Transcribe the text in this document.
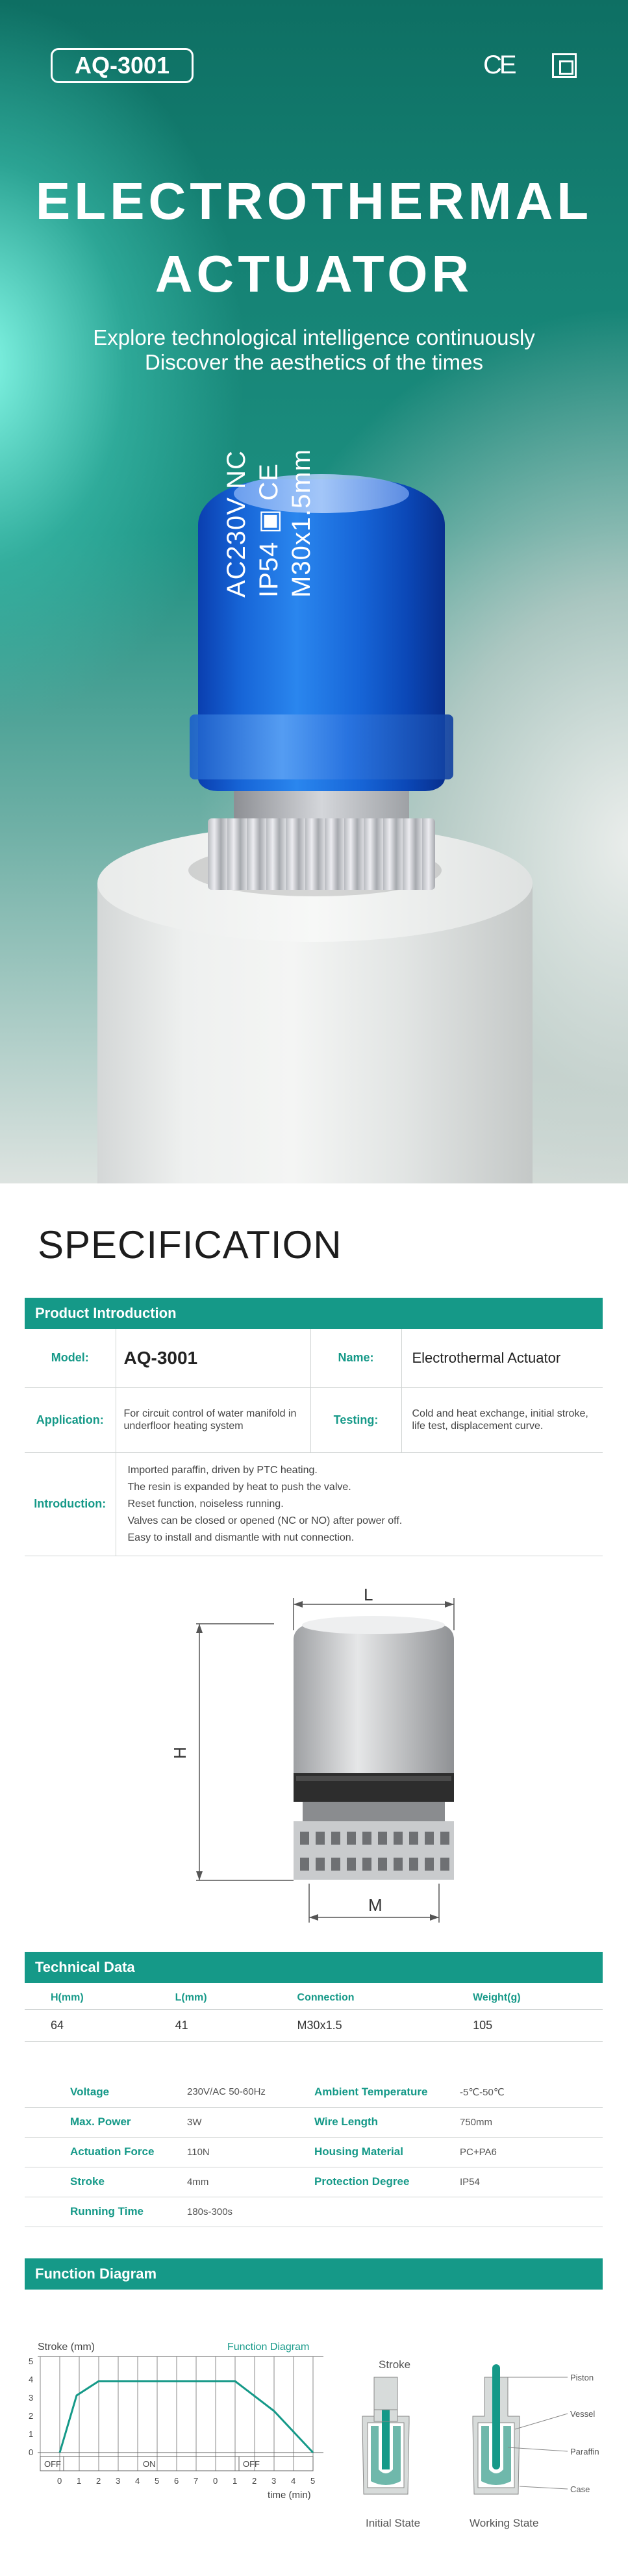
AQ-3001	CE
ELECTROTHERMAL
ACTUATOR
Explore technological intelligence continuously
Discover the aesthetics of the times
AC230V NC IP54 ▣ CE M30x1.5mm
SPECIFICATION
Product Introduction
Model:	AQ-3001	Name:	Electrothermal Actuator
Application:	For circuit control of water manifold in underfloor heating system	Testing:	Cold and heat exchange, initial stroke, life test, displacement curve.
Introduction:	Imported paraffin, driven by PTC heating.
The resin is expanded by heat to push the valve.
Reset function, noiseless running.
Valves can be closed or opened (NC or NO) after power off.
Easy to install and dismantle with nut connection.		
L
H
M
Technical Data
H(mm)	L(mm)	Connection	Weight(g)
64	41	M30x1.5	105
Voltage	230V/AC 50-60Hz	Ambient Temperature	-5℃-50℃
Max. Power	3W	Wire Length	750mm
Actuation Force	110N	Housing Material	PC+PA6
Stroke	4mm	Protection Degree	IP54
Running Time	180s-300s		
Function Diagram
Stroke (mm)	Function Diagram
5
4
3
2
1
0
OFF	ON	OFF
0 1 2 3 4 5 6 7 0 1 2 3 4 5
time (min)
Stroke
Piston
Vessel
Paraffin
Case
Initial State	Working State
